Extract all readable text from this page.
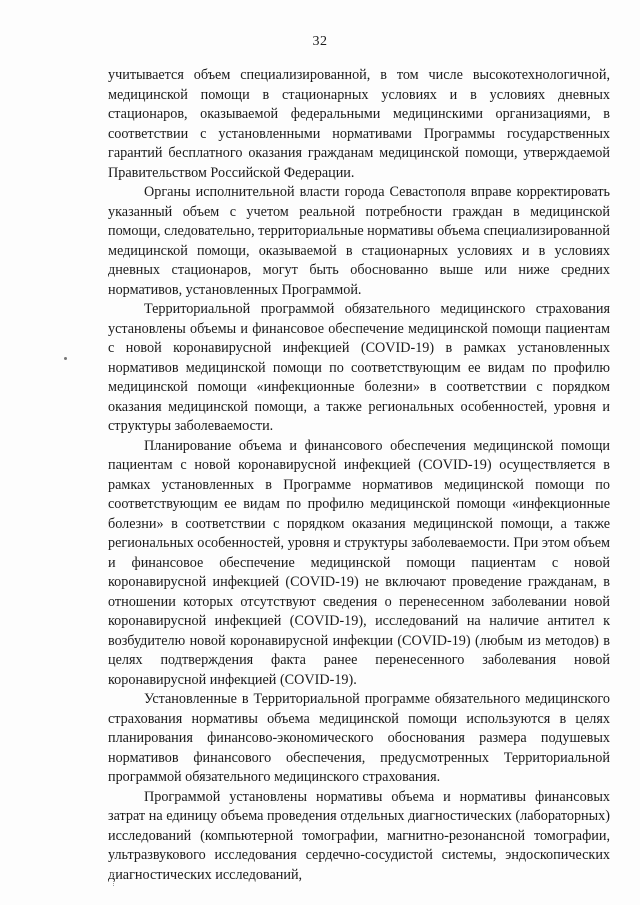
32

учитывается объем специализированной, в том числе высокотехнологичной, медицинской помощи в стационарных условиях и в условиях дневных стационаров, оказываемой федеральными медицинскими организациями, в соответствии с установленными нормативами Программы государственных гарантий бесплатного оказания гражданам медицинской помощи, утверждаемой Правительством Российской Федерации.

Органы исполнительной власти города Севастополя вправе корректировать указанный объем с учетом реальной потребности граждан в медицинской помощи, следовательно, территориальные нормативы объема специализированной медицинской помощи, оказываемой в стационарных условиях и в условиях дневных стационаров, могут быть обоснованно выше или ниже средних нормативов, установленных Программой.

Территориальной программой обязательного медицинского страхования установлены объемы и финансовое обеспечение медицинской помощи пациентам с новой коронавирусной инфекцией (COVID-19) в рамках установленных нормативов медицинской помощи по соответствующим ее видам по профилю медицинской помощи «инфекционные болезни» в соответствии с порядком оказания медицинской помощи, а также региональных особенностей, уровня и структуры заболеваемости.

Планирование объема и финансового обеспечения медицинской помощи пациентам с новой коронавирусной инфекцией (COVID-19) осуществляется в рамках установленных в Программе нормативов медицинской помощи по соответствующим ее видам по профилю медицинской помощи «инфекционные болезни» в соответствии с порядком оказания медицинской помощи, а также региональных особенностей, уровня и структуры заболеваемости. При этом объем и финансовое обеспечение медицинской помощи пациентам с новой коронавирусной инфекцией (COVID-19) не включают проведение гражданам, в отношении которых отсутствуют сведения о перенесенном заболевании новой коронавирусной инфекцией (COVID-19), исследований на наличие антител к возбудителю новой коронавирусной инфекции (COVID-19) (любым из методов) в целях подтверждения факта ранее перенесенного заболевания новой коронавирусной инфекцией (COVID-19).

Установленные в Территориальной программе обязательного медицинского страхования нормативы объема медицинской помощи используются в целях планирования финансово-экономического обоснования размера подушевых нормативов финансового обеспечения, предусмотренных Территориальной программой обязательного медицинского страхования.

Программой установлены нормативы объема и нормативы финансовых затрат на единицу объема проведения отдельных диагностических (лабораторных) исследований (компьютерной томографии, магнитно-резонансной томографии, ультразвукового исследования сердечно-сосудистой системы, эндоскопических диагностических исследований,
